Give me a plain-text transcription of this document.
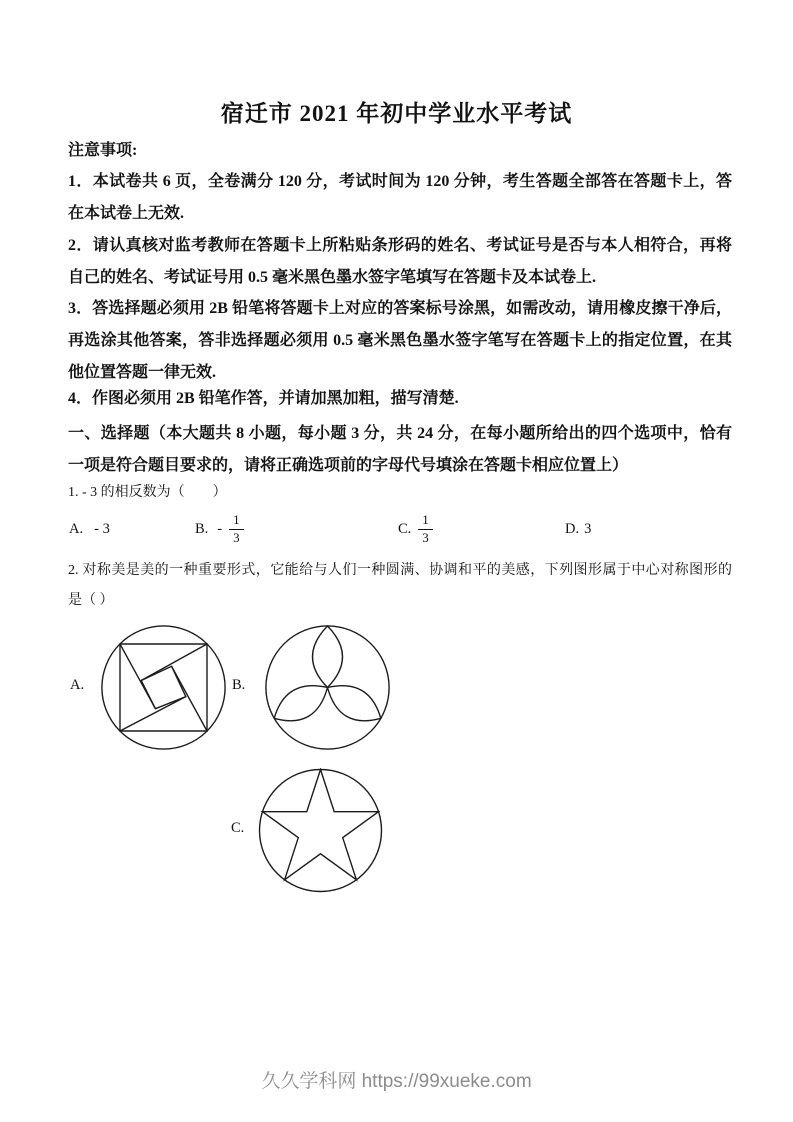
宿迁市 2021 年初中学业水平考试
注意事项:
1．本试卷共 6 页，全卷满分 120 分，考试时间为 120 分钟，考生答题全部答在答题卡上，答
在本试卷上无效.
2．请认真核对监考教师在答题卡上所粘贴条形码的姓名、考试证号是否与本人相符合，再将
自己的姓名、考试证号用 0.5 毫米黑色墨水签字笔填写在答题卡及本试卷上.
3．答选择题必须用 2B 铅笔将答题卡上对应的答案标号涂黑，如需改动，请用橡皮擦干净后，
再选涂其他答案，答非选择题必须用 0.5 毫米黑色墨水签字笔写在答题卡上的指定位置，在其
他位置答题一律无效.
4．作图必须用 2B 铅笔作答，并请加黑加粗，描写清楚.
一、选择题（本大题共 8 小题，每小题 3 分，共 24 分，在每小题所给出的四个选项中，恰有
一项是符合题目要求的，请将正确选项前的字母代号填涂在答题卡相应位置上）
1. - 3 的相反数为（　　）
A. - 3	B. - $\frac{1}{3}$	C. $\frac{1}{3}$	D. 3
2. 对称美是美的一种重要形式，它能给与人们一种圆满、协调和平的美感，下列图形属于中心对称图形的
是（ ）
A.	B.
C.
久久学科网 https://99xueke.com
